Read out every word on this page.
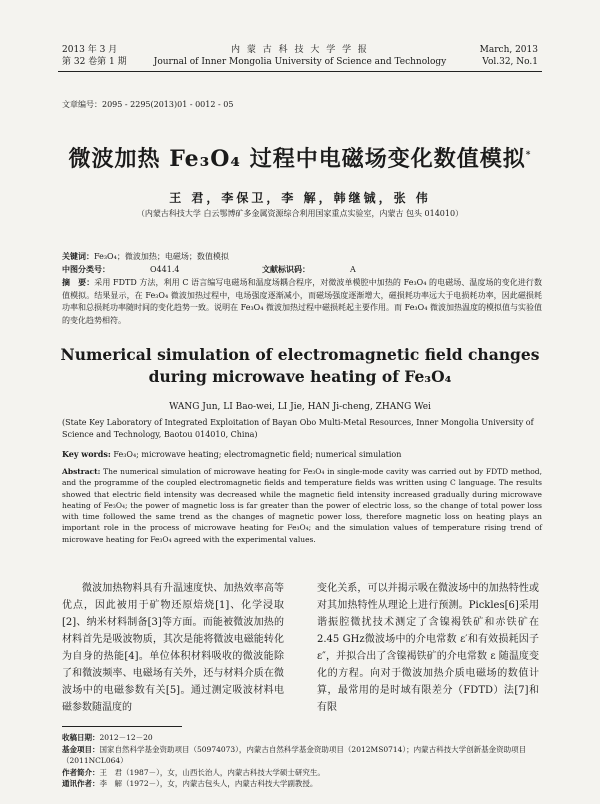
2013 年 3 月
第 32 卷第 1 期
内 蒙 古 科 技 大 学 学 报
Journal of Inner Mongolia University of Science and Technology
March, 2013
Vol.32, No.1
文章编号：2095 - 2295(2013)01 - 0012 - 05
微波加热 Fe₃O₄ 过程中电磁场变化数值模拟*
王 君，李保卫，李 解，韩继铖，张 伟
（内蒙古科技大学 白云鄂博矿多金属资源综合利用国家重点实验室，内蒙古 包头 014010）
关键词：Fe₃O₄；微波加热；电磁场；数值模拟
中图分类号：	O441.4	文献标识码：	A
摘　要：采用 FDTD 方法，利用 C 语言编写电磁场和温度场耦合程序，对微波单模腔中加热的 Fe₃O₄ 的电磁场、温度场的变化进行数值模拟。结果显示，在 Fe₃O₄ 微波加热过程中，电场强度逐渐减小，而磁场强度逐渐增大，磁损耗功率远大于电损耗功率，因此磁损耗功率和总损耗功率随时间的变化趋势一致。说明在 Fe₃O₄ 微波加热过程中磁损耗起主要作用。而 Fe₃O₄ 微波加热温度的模拟值与实验值的变化趋势相符。
Numerical simulation of electromagnetic field changes
during microwave heating of Fe₃O₄
WANG Jun, LI Bao-wei, LI Jie, HAN Ji-cheng, ZHANG Wei
(State Key Laboratory of Integrated Exploitation of Bayan Obo Multi-Metal Resources, Inner Mongolia University of Science and Technology, Baotou 014010, China)
Key words: Fe₃O₄; microwave heating; electromagnetic field; numerical simulation
Abstract: The numerical simulation of microwave heating for Fe₃O₄ in single-mode cavity was carried out by FDTD method, and the programme of the coupled electromagnetic fields and temperature fields was written using C language. The results showed that electric field intensity was decreased while the magnetic field intensity increased gradually during microwave heating of Fe₃O₄; the power of magnetic loss is far greater than the power of electric loss, so the change of total power loss with time followed the same trend as the changes of magnetic power loss, therefore magnetic loss on heating plays an important role in the process of microwave heating for Fe₃O₄; and the simulation values of temperature rising trend of microwave heating for Fe₃O₄ agreed with the experimental values.
微波加热物料具有升温速度快、加热效率高等优点，因此被用于矿物还原焙烧[1]、化学浸取[2]、纳米材料制备[3]等方面。而能被微波加热的材料首先是吸波物质，其次是能将微波电磁能转化为自身的热能[4]。单位体积材料吸收的微波能除了和微波频率、电磁场有关外，还与材料介质在微波场中的电磁参数有关[5]。通过测定吸波材料电磁参数随温度的
变化关系，可以并揭示吸在微波场中的加热特性或对其加热特性从理论上进行预测。Pickles[6]采用谐振腔微扰技术测定了含镍褐铁矿和赤铁矿在 2.45 GHz微波场中的介电常数 ε′和有效损耗因子 ε″，并拟合出了含镍褐铁矿的介电常数 ε 随温度变化的方程。向对于微波加热介质电磁场的数值计算，最常用的是时域有限差分（FDTD）法[7]和有限
收稿日期：2012－12－20
基金项目：国家自然科学基金资助项目（50974073），内蒙古自然科学基金资助项目（2012MS0714）；内蒙古科技大学创新基金资助项目（2011NCL064）
作者简介：王　君（1987－），女，山西长治人，内蒙古科技大学硕士研究生。
通讯作者：李　解（1972－），女，内蒙古包头人，内蒙古科技大学副教授。
